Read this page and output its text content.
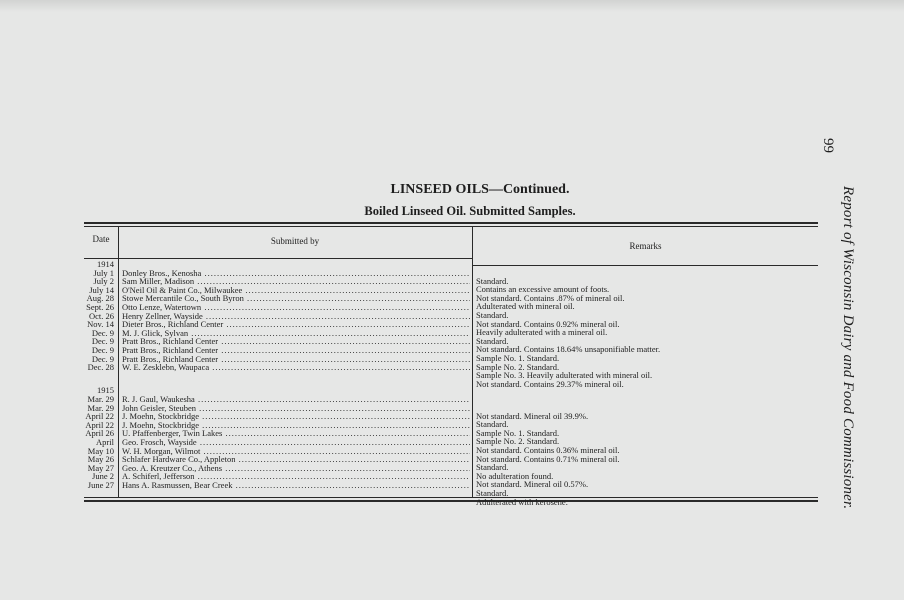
99
Report of Wisconsin Dairy and Food Commissioner.
LINSEED OILS—Continued.
Boiled Linseed Oil. Submitted Samples.
Date	Submitted by	Remarks
1914
July 1 Donley Bros., Kenosha .....
Standard.
July 2 Sam Miller, Madison .....
Contains an excessive amount of foots.
July 14 O'Neil Oil & Paint Co., Milwaukee .....
Not standard. Contains .87% of mineral oil.
Aug. 28 Stowe Mercantile Co., South Byron .....
Adulterated with mineral oil.
Sept. 26 Otto Lenze, Watertown .....
Standard.
Oct. 26 Henry Zellner, Wayside .....
Not standard. Contains 0.92% mineral oil.
Nov. 14 Dieter Bros., Richland Center .....
Heavily adulterated with a mineral oil.
Dec. 9 M. J. Glick, Sylvan .....
Standard.
Dec. 9 Pratt Bros., Richland Center .....
Not standard. Contains 18.64% unsaponifiable matter.
Dec. 9 Pratt Bros., Richland Center .....
Sample No. 1. Standard.
Dec. 9 Pratt Bros., Richland Center .....
Sample No. 2. Standard.
Dec. 28 W. E. Zesklebn, Waupaca .....
Sample No. 3. Heavily adulterated with mineral oil.
Not standard. Contains 29.37% mineral oil.
1915
Mar. 29 R. J. Gaul, Waukesha .....
Mar. 29 John Geisler, Steuben .....
Not standard. Mineral oil 39.9%.
April 22 J. Moehn, Stockbridge .....
Standard.
April 22 J. Moehn, Stockbridge .....
Sample No. 1. Standard.
April 26 U. Pfaffenberger, Twin Lakes .....
Sample No. 2. Standard.
April Geo. Frosch, Wayside .....
Not standard. Contains 0.36% mineral oil.
May 10 W. H. Morgan, Wilmot .....
Not standard. Contains 0.71% mineral oil.
May 26 Schlafer Hardware Co., Appleton .....
Standard.
May 27 Geo. A. Kreutzer Co., Athens .....
No adulteration found.
June 2 A. Schiferl, Jefferson .....
Not standard. Mineral oil 0.57%.
June 27 Hans A. Rasmussen, Bear Creek .....
Standard.
Adulterated with kerosene.
